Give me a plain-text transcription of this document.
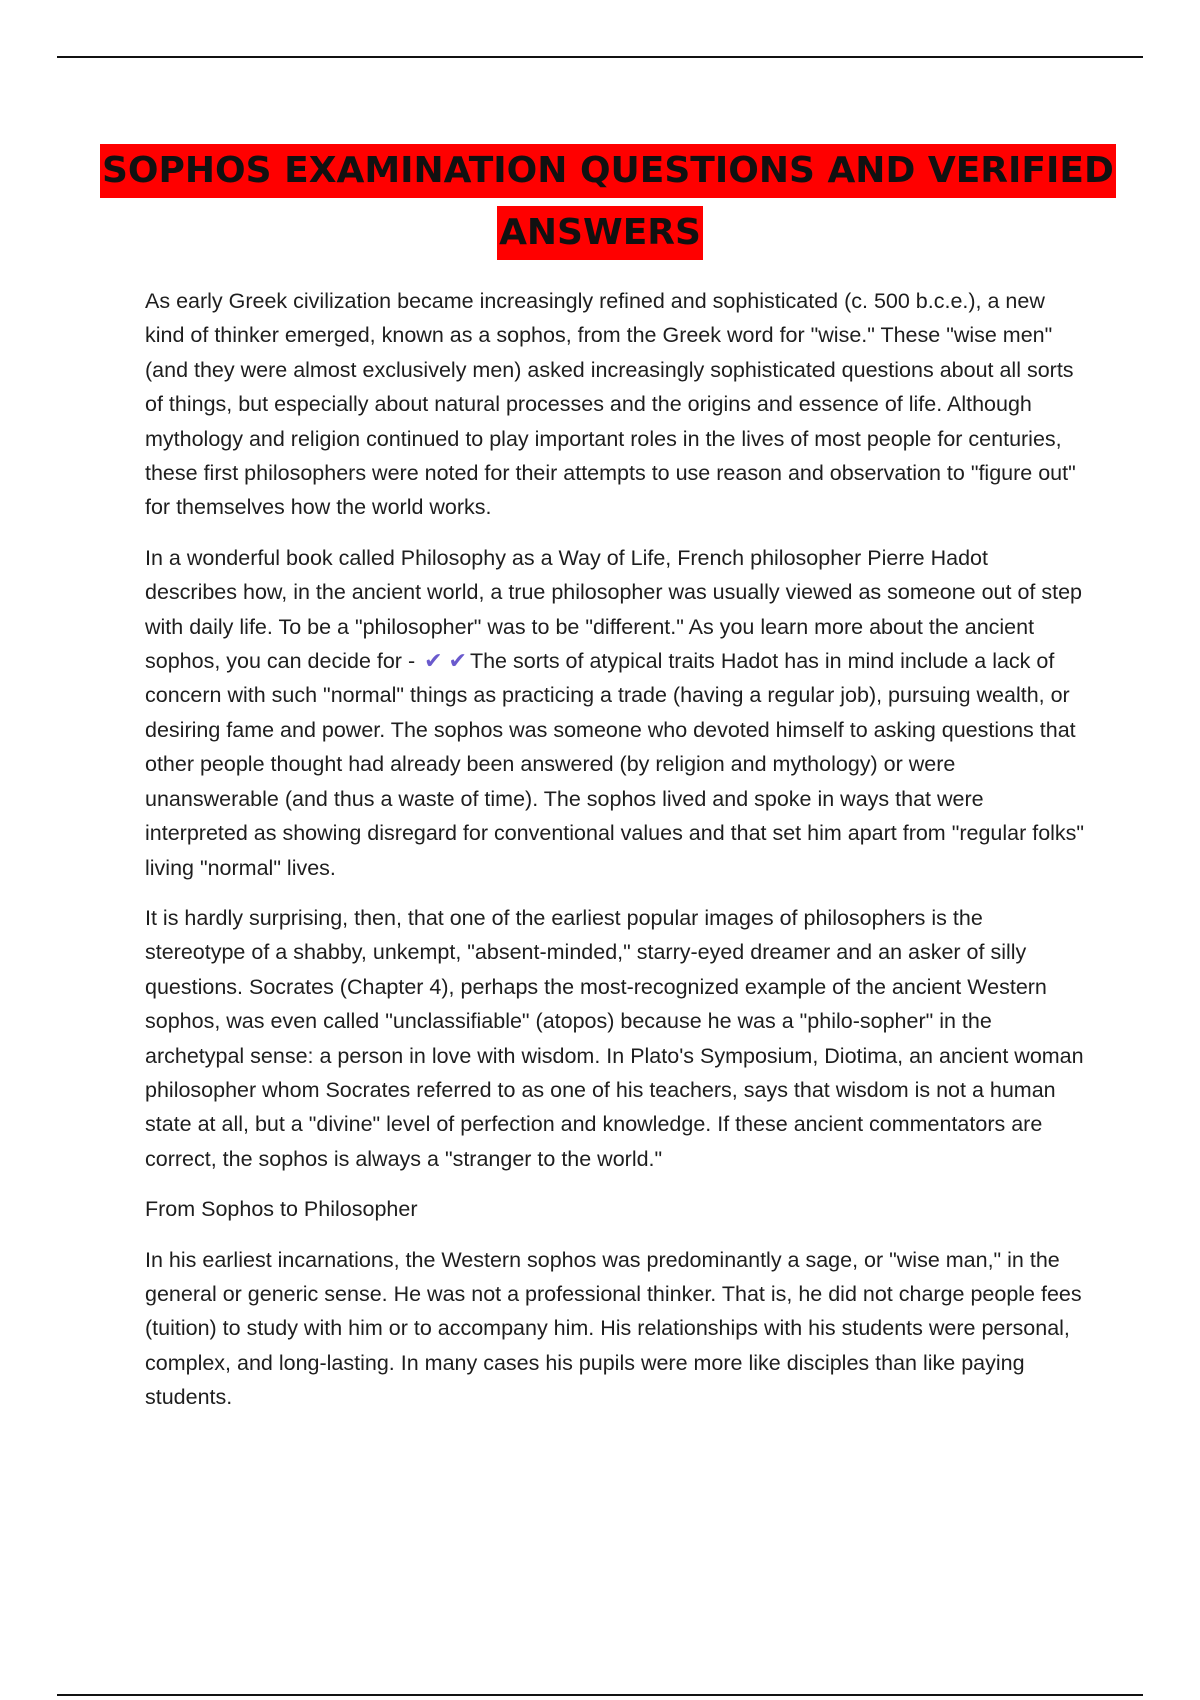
SOPHOS EXAMINATION QUESTIONS AND VERIFIED
ANSWERS

As early Greek civilization became increasingly refined and sophisticated (c. 500 b.c.e.), a new kind of thinker emerged, known as a sophos, from the Greek word for "wise." These "wise men"(and they were almost exclusively men) asked increasingly sophisticated questions about all sorts of things, but especially about natural processes and the origins and essence of life. Although mythology and religion continued to play important roles in the lives of most people for centuries, these first philosophers were noted for their attempts to use reason and observation to "figure out" for themselves how the world works.

In a wonderful book called Philosophy as a Way of Life, French philosopher Pierre Hadot describes how, in the ancient world, a true philosopher was usually viewed as someone out of step with daily life. To be a "philosopher" was to be "different." As you learn more about the ancient sophos, you can decide for - ✔ ✔ The sorts of atypical traits Hadot has in mind include a lack of concern with such "normal" things as practicing a trade (having a regular job), pursuing wealth, or desiring fame and power. The sophos was someone who devoted himself to asking questions that other people thought had already been answered (by religion and mythology) or were unanswerable (and thus a waste of time). The sophos lived and spoke in ways that were interpreted as showing disregard for conventional values and that set him apart from "regular folks" living "normal" lives.

It is hardly surprising, then, that one of the earliest popular images of philosophers is the stereotype of a shabby, unkempt, "absent-minded," starry-eyed dreamer and an asker of silly questions. Socrates (Chapter 4), perhaps the most-recognized example of the ancient Western sophos, was even called "unclassifiable" (atopos) because he was a "philo-sopher" in the archetypal sense: a person in love with wisdom. In Plato's Symposium, Diotima, an ancient woman philosopher whom Socrates referred to as one of his teachers, says that wisdom is not a human state at all, but a "divine" level of perfection and knowledge. If these ancient commentators are correct, the sophos is always a "stranger to the world."

From Sophos to Philosopher

In his earliest incarnations, the Western sophos was predominantly a sage, or "wise man," in the general or generic sense. He was not a professional thinker. That is, he did not charge people fees (tuition) to study with him or to accompany him. His relationships with his students were personal, complex, and long-lasting. In many cases his pupils were more like disciples than like paying students.
